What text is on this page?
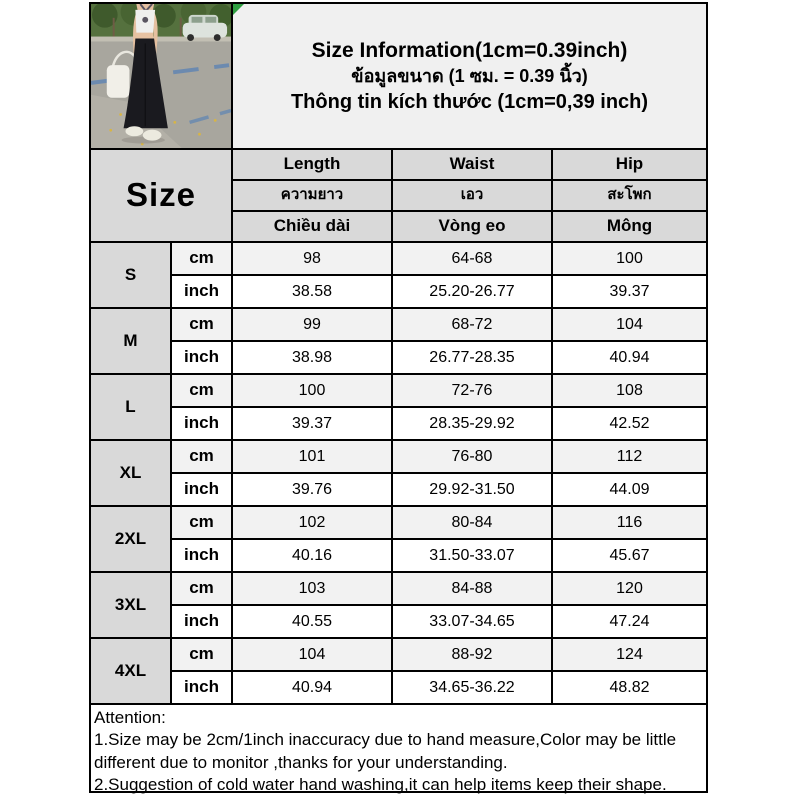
Size Information(1cm=0.39inch)
ข้อมูลขนาด (1 ซม. = 0.39 นิ้ว)
Thông tin kích thước (1cm=0,39 inch)
Size
Length	Waist	Hip
ความยาว	เอว	สะโพก
Chiều dài	Vòng eo	Mông
S
cm	98	64-68	100
inch	38.58	25.20-26.77	39.37
M
cm	99	68-72	104
inch	38.98	26.77-28.35	40.94
L
cm	100	72-76	108
inch	39.37	28.35-29.92	42.52
XL
cm	101	76-80	112
inch	39.76	29.92-31.50	44.09
2XL
cm	102	80-84	116
inch	40.16	31.50-33.07	45.67
3XL
cm	103	84-88	120
inch	40.55	33.07-34.65	47.24
4XL
cm	104	88-92	124
inch	40.94	34.65-36.22	48.82
Attention:
1.Size may be 2cm/1inch inaccuracy due to hand measure,Color may be little different due to monitor ,thanks for your understanding.
2.Suggestion of cold water hand washing,it can help items keep their shape.
